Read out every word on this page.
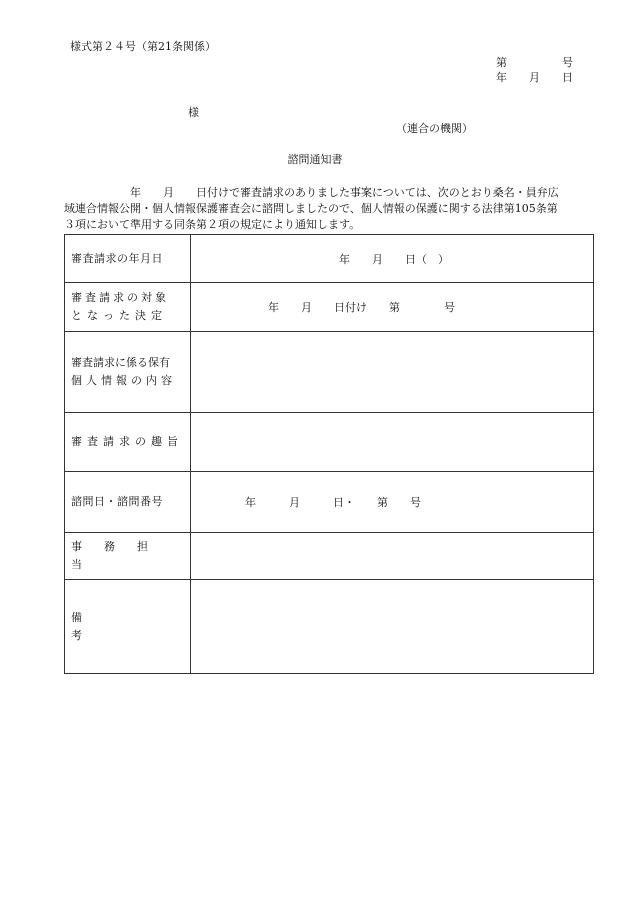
様式第２４号（第21条関係）
第　　　　　号
年　　月　　日
様
（連合の機関）
諮問通知書
　　　　　　年　　月　　日付けで審査請求のありました事案については、次のとおり桑名・員弁広
域連合情報公開・個人情報保護審査会に諮問しましたので、個人情報の保護に関する法律第105条第
３項において準用する同条第２項の規定により通知します。
審査請求の年月日	年　　月　　日（　）

審査請求の対象
となった決定	年　　月　　日付け　　第　　　　号

審査請求に係る保有
個人情報の内容	

審査請求の趣旨	

諮問日・諮問番号	年　　　月　　　日・　　第　　号

事務担当	

備考	
